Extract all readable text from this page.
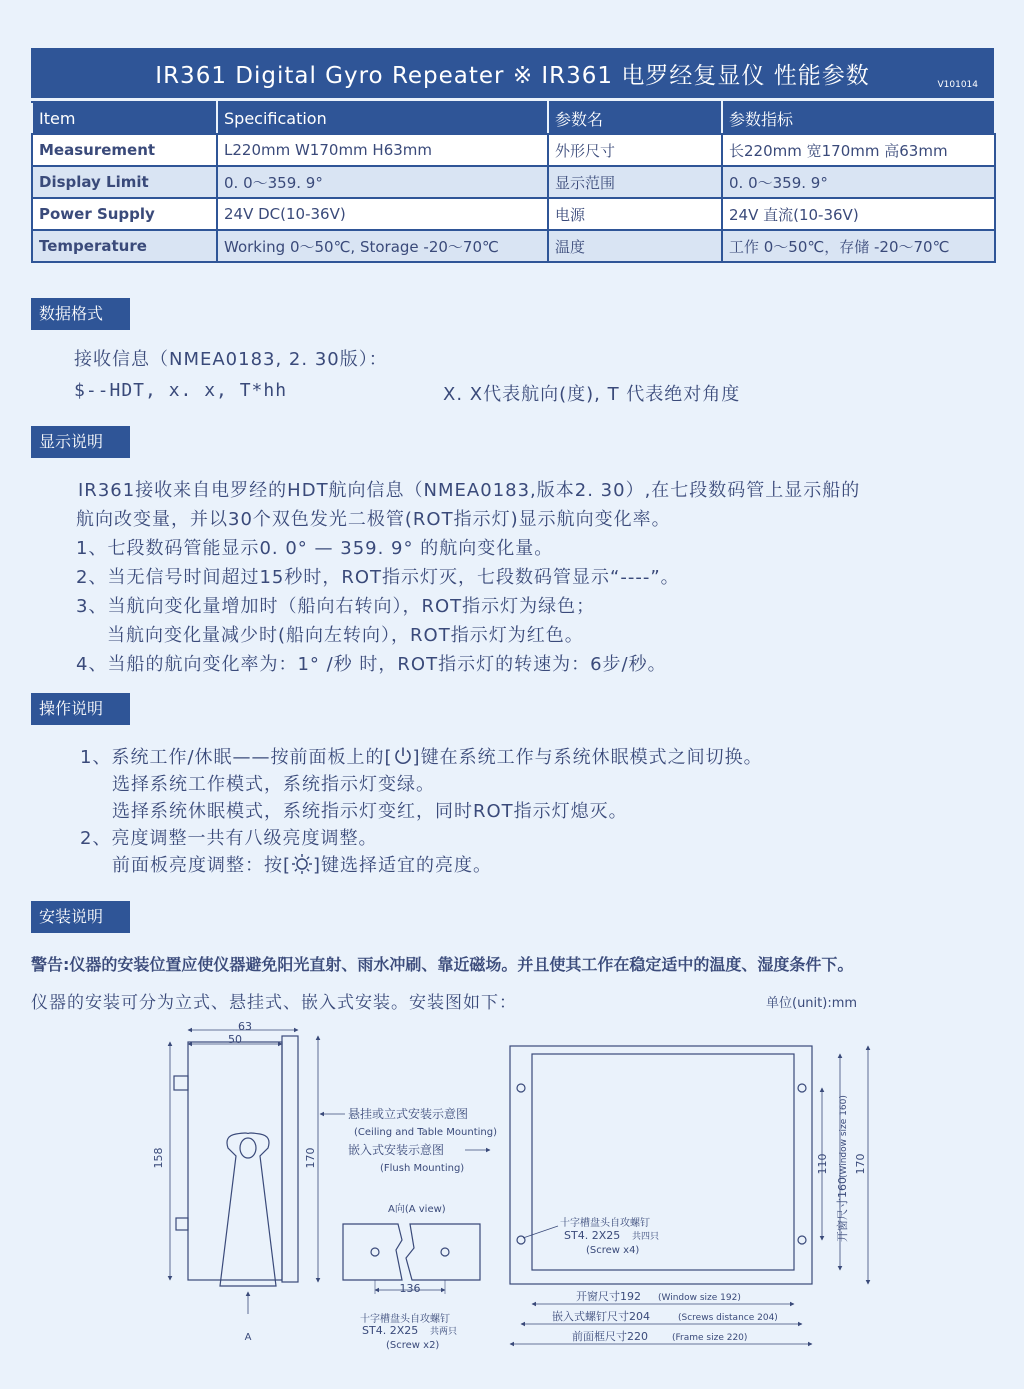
IR361 Digital Gyro Repeater ※ IR361 电罗经复显仪 性能参数	V101014
Item	Specification	参数名	参数指标
Measurement	L220mm W170mm H63mm	外形尺寸	长220mm 宽170mm 高63mm
Display Limit	0. 0～359. 9°	显示范围	0. 0～359. 9°
Power Supply	24V DC(10-36V)	电源	24V 直流(10-36V)
Temperature	Working 0～50℃, Storage -20～70℃	温度	工作 0～50℃，存储 -20～70℃
数据格式
接收信息（NMEA0183, 2. 30版）：
$--HDT, x. x, T*hh	X. X代表航向(度), T 代表绝对角度
显示说明
IR361接收来自电罗经的HDT航向信息（NMEA0183,版本2. 30）,在七段数码管上显示船的
航向改变量，并以30个双色发光二极管(ROT指示灯)显示航向变化率。
1、七段数码管能显示0. 0° — 359. 9° 的航向变化量。
2、当无信号时间超过15秒时，ROT指示灯灭，七段数码管显示“----”。
3、当航向变化量增加时（船向右转向），ROT指示灯为绿色；
当航向变化量减少时(船向左转向），ROT指示灯为红色。
4、当船的航向变化率为：1° /秒 时，ROT指示灯的转速为：6步/秒。
操作说明
1、系统工作/休眠——按前面板上的[ ]键在系统工作与系统休眠模式之间切换。
选择系统工作模式，系统指示灯变绿。
选择系统休眠模式，系统指示灯变红，同时ROT指示灯熄灭。
2、亮度调整一共有八级亮度调整。
前面板亮度调整：按[ ]键选择适宜的亮度。
安装说明
警告:仪器的安装位置应使仪器避免阳光直射、雨水冲刷、靠近磁场。并且使其工作在稳定适中的温度、湿度条件下。
仪器的安装可分为立式、悬挂式、嵌入式安装。安装图如下：	单位(unit):mm
63
50
158	170
悬挂或立式安装示意图
(Ceiling and Table Mounting)
嵌入式安装示意图
(Flush Mounting)
A向(A view)
136
十字槽盘头自攻螺钉
ST4. 2X25 共两只
(Screw x2)
A
十字槽盘头自攻螺钉
ST4. 2X25 共四只
(Screw x4)
110
开窗尺寸160
(Window size 160) 170
开窗尺寸192 (Window size 192)
嵌入式螺钉尺寸204	(Screws distance 204)
前面框尺寸220	(Frame size 220)
